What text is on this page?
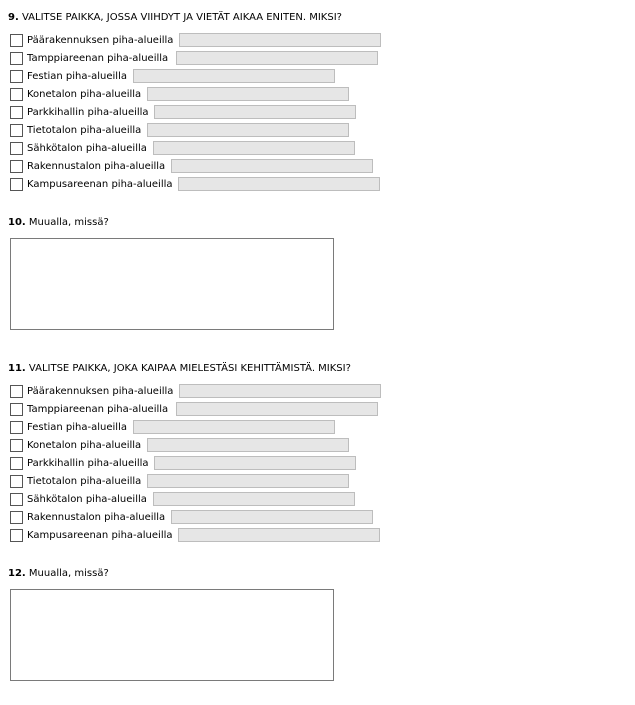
9. VALITSE PAIKKA, JOSSA VIIHDYT JA VIETÄT AIKAA ENITEN. MIKSI?
Päärakennuksen piha-alueilla
Tamppiareenan piha-alueilla
Festian piha-alueilla
Konetalon piha-alueilla
Parkkihallin piha-alueilla
Tietotalon piha-alueilla
Sähkötalon piha-alueilla
Rakennustalon piha-alueilla
Kampusareenan piha-alueilla
10. Muualla, missä?
11. VALITSE PAIKKA, JOKA KAIPAA MIELESTÄSI KEHITTÄMISTÄ. MIKSI?
Päärakennuksen piha-alueilla
Tamppiareenan piha-alueilla
Festian piha-alueilla
Konetalon piha-alueilla
Parkkihallin piha-alueilla
Tietotalon piha-alueilla
Sähkötalon piha-alueilla
Rakennustalon piha-alueilla
Kampusareenan piha-alueilla
12. Muualla, missä?
